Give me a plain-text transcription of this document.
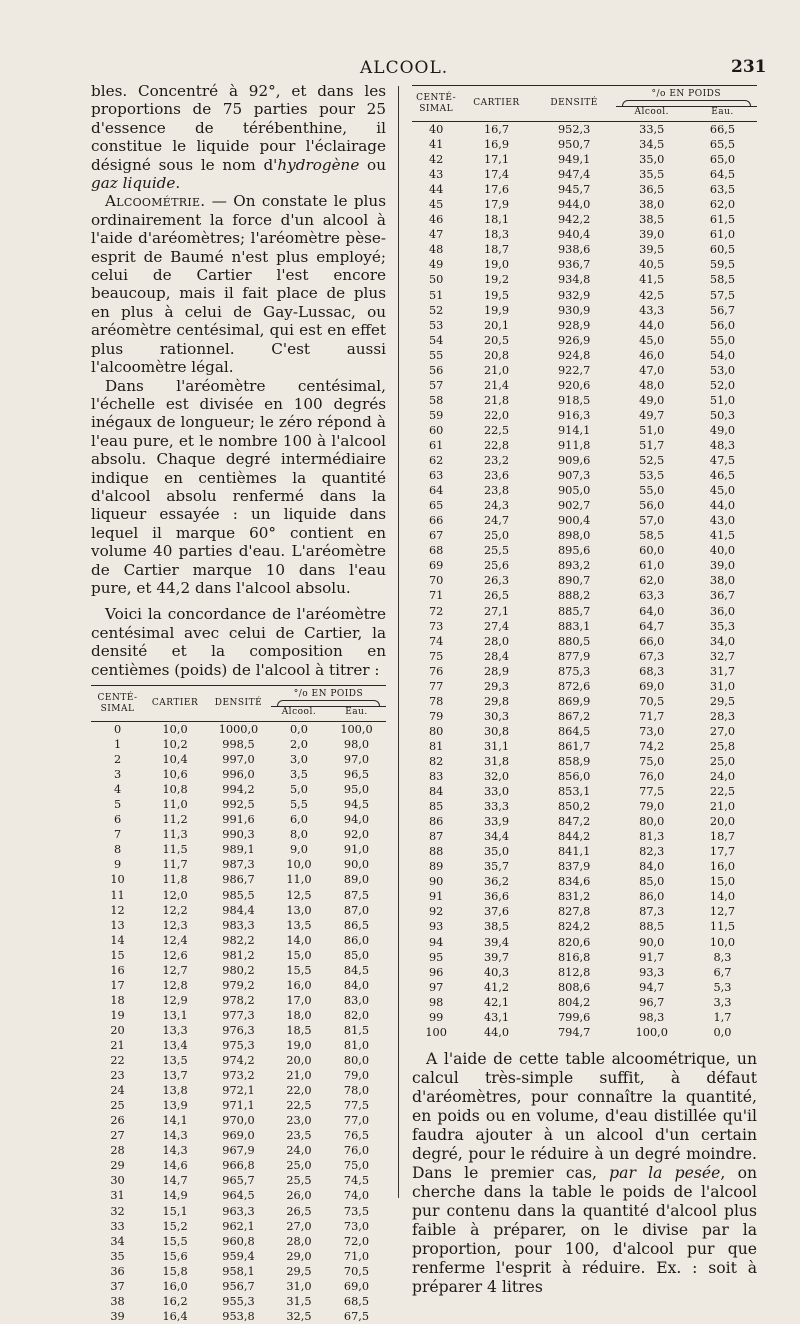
ALCOOL.	231

bles. Concentré à 92°, et dans les proportions de 75 parties pour 25 d'essence de térébenthine, il constitue le liquide pour l'éclairage désigné sous le nom d'hydrogène ou gaz liquide.

Alcoométrie. — On constate le plus ordinairement la force d'un alcool à l'aide d'aréomètres; l'aréomètre pèse-esprit de Baumé n'est plus employé; celui de Cartier l'est encore beaucoup, mais il fait place de plus en plus à celui de Gay-Lussac, ou aréomètre centésimal, qui est en effet plus rationnel. C'est aussi l'alcoomètre légal.

Dans l'aréomètre centésimal, l'échelle est divisée en 100 degrés inégaux de longueur; le zéro répond à l'eau pure, et le nombre 100 à l'alcool absolu. Chaque degré intermédiaire indique en centièmes la quantité d'alcool absolu renfermé dans la liqueur essayée : un liquide dans lequel il marque 60° contient en volume 40 parties d'eau. L'aréomètre de Cartier marque 10 dans l'eau pure, et 44,2 dans l'alcool absolu.

Voici la concordance de l'aréomètre centésimal avec celui de Cartier, la densité et la composition en centièmes (poids) de l'alcool à titrer :

CENTÉ-SIMAL	CARTIER	DENSITÉ	°/o EN POIDS	

			Alcool.	Eau.
0	10,0	1000,0	0,0	100,0
1	10,2	998,5	2,0	98,0
2	10,4	997,0	3,0	97,0
3	10,6	996,0	3,5	96,5
4	10,8	994,2	5,0	95,0
5	11,0	992,5	5,5	94,5
6	11,2	991,6	6,0	94,0
7	11,3	990,3	8,0	92,0
8	11,5	989,1	9,0	91,0
9	11,7	987,3	10,0	90,0
10	11,8	986,7	11,0	89,0
11	12,0	985,5	12,5	87,5
12	12,2	984,4	13,0	87,0
13	12,3	983,3	13,5	86,5
14	12,4	982,2	14,0	86,0
15	12,6	981,2	15,0	85,0
16	12,7	980,2	15,5	84,5
17	12,8	979,2	16,0	84,0
18	12,9	978,2	17,0	83,0
19	13,1	977,3	18,0	82,0
20	13,3	976,3	18,5	81,5
21	13,4	975,3	19,0	81,0
22	13,5	974,2	20,0	80,0
23	13,7	973,2	21,0	79,0
24	13,8	972,1	22,0	78,0
25	13,9	971,1	22,5	77,5
26	14,1	970,0	23,0	77,0
27	14,3	969,0	23,5	76,5
28	14,3	967,9	24,0	76,0
29	14,6	966,8	25,0	75,0
30	14,7	965,7	25,5	74,5
31	14,9	964,5	26,0	74,0
32	15,1	963,3	26,5	73,5
33	15,2	962,1	27,0	73,0
34	15,5	960,8	28,0	72,0
35	15,6	959,4	29,0	71,0
36	15,8	958,1	29,5	70,5
37	16,0	956,7	31,0	69,0
38	16,2	955,3	31,5	68,5
39	16,4	953,8	32,5	67,5
CENTÉ-SIMAL	CARTIER	DENSITÉ	°/o EN POIDS	

			Alcool.	Eau.
40	16,7	952,3	33,5	66,5
41	16,9	950,7	34,5	65,5
42	17,1	949,1	35,0	65,0
43	17,4	947,4	35,5	64,5
44	17,6	945,7	36,5	63,5
45	17,9	944,0	38,0	62,0
46	18,1	942,2	38,5	61,5
47	18,3	940,4	39,0	61,0
48	18,7	938,6	39,5	60,5
49	19,0	936,7	40,5	59,5
50	19,2	934,8	41,5	58,5
51	19,5	932,9	42,5	57,5
52	19,9	930,9	43,3	56,7
53	20,1	928,9	44,0	56,0
54	20,5	926,9	45,0	55,0
55	20,8	924,8	46,0	54,0
56	21,0	922,7	47,0	53,0
57	21,4	920,6	48,0	52,0
58	21,8	918,5	49,0	51,0
59	22,0	916,3	49,7	50,3
60	22,5	914,1	51,0	49,0
61	22,8	911,8	51,7	48,3
62	23,2	909,6	52,5	47,5
63	23,6	907,3	53,5	46,5
64	23,8	905,0	55,0	45,0
65	24,3	902,7	56,0	44,0
66	24,7	900,4	57,0	43,0
67	25,0	898,0	58,5	41,5
68	25,5	895,6	60,0	40,0
69	25,6	893,2	61,0	39,0
70	26,3	890,7	62,0	38,0
71	26,5	888,2	63,3	36,7
72	27,1	885,7	64,0	36,0
73	27,4	883,1	64,7	35,3
74	28,0	880,5	66,0	34,0
75	28,4	877,9	67,3	32,7
76	28,9	875,3	68,3	31,7
77	29,3	872,6	69,0	31,0
78	29,8	869,9	70,5	29,5
79	30,3	867,2	71,7	28,3
80	30,8	864,5	73,0	27,0
81	31,1	861,7	74,2	25,8
82	31,8	858,9	75,0	25,0
83	32,0	856,0	76,0	24,0
84	33,0	853,1	77,5	22,5
85	33,3	850,2	79,0	21,0
86	33,9	847,2	80,0	20,0
87	34,4	844,2	81,3	18,7
88	35,0	841,1	82,3	17,7
89	35,7	837,9	84,0	16,0
90	36,2	834,6	85,0	15,0
91	36,6	831,2	86,0	14,0
92	37,6	827,8	87,3	12,7
93	38,5	824,2	88,5	11,5
94	39,4	820,6	90,0	10,0
95	39,7	816,8	91,7	8,3
96	40,3	812,8	93,3	6,7
97	41,2	808,6	94,7	5,3
98	42,1	804,2	96,7	3,3
99	43,1	799,6	98,3	1,7
100	44,0	794,7	100,0	0,0

A l'aide de cette table alcoométrique, un calcul très-simple suffit, à défaut d'aréomètres, pour connaître la quantité, en poids ou en volume, d'eau distillée qu'il faudra ajouter à un alcool d'un certain degré, pour le réduire à un degré moindre. Dans le premier cas, par la pesée, on cherche dans la table le poids de l'alcool pur contenu dans la quantité d'alcool plus faible à préparer, on le divise par la proportion, pour 100, d'alcool pur que renferme l'esprit à réduire. Ex. : soit à préparer 4 litres
